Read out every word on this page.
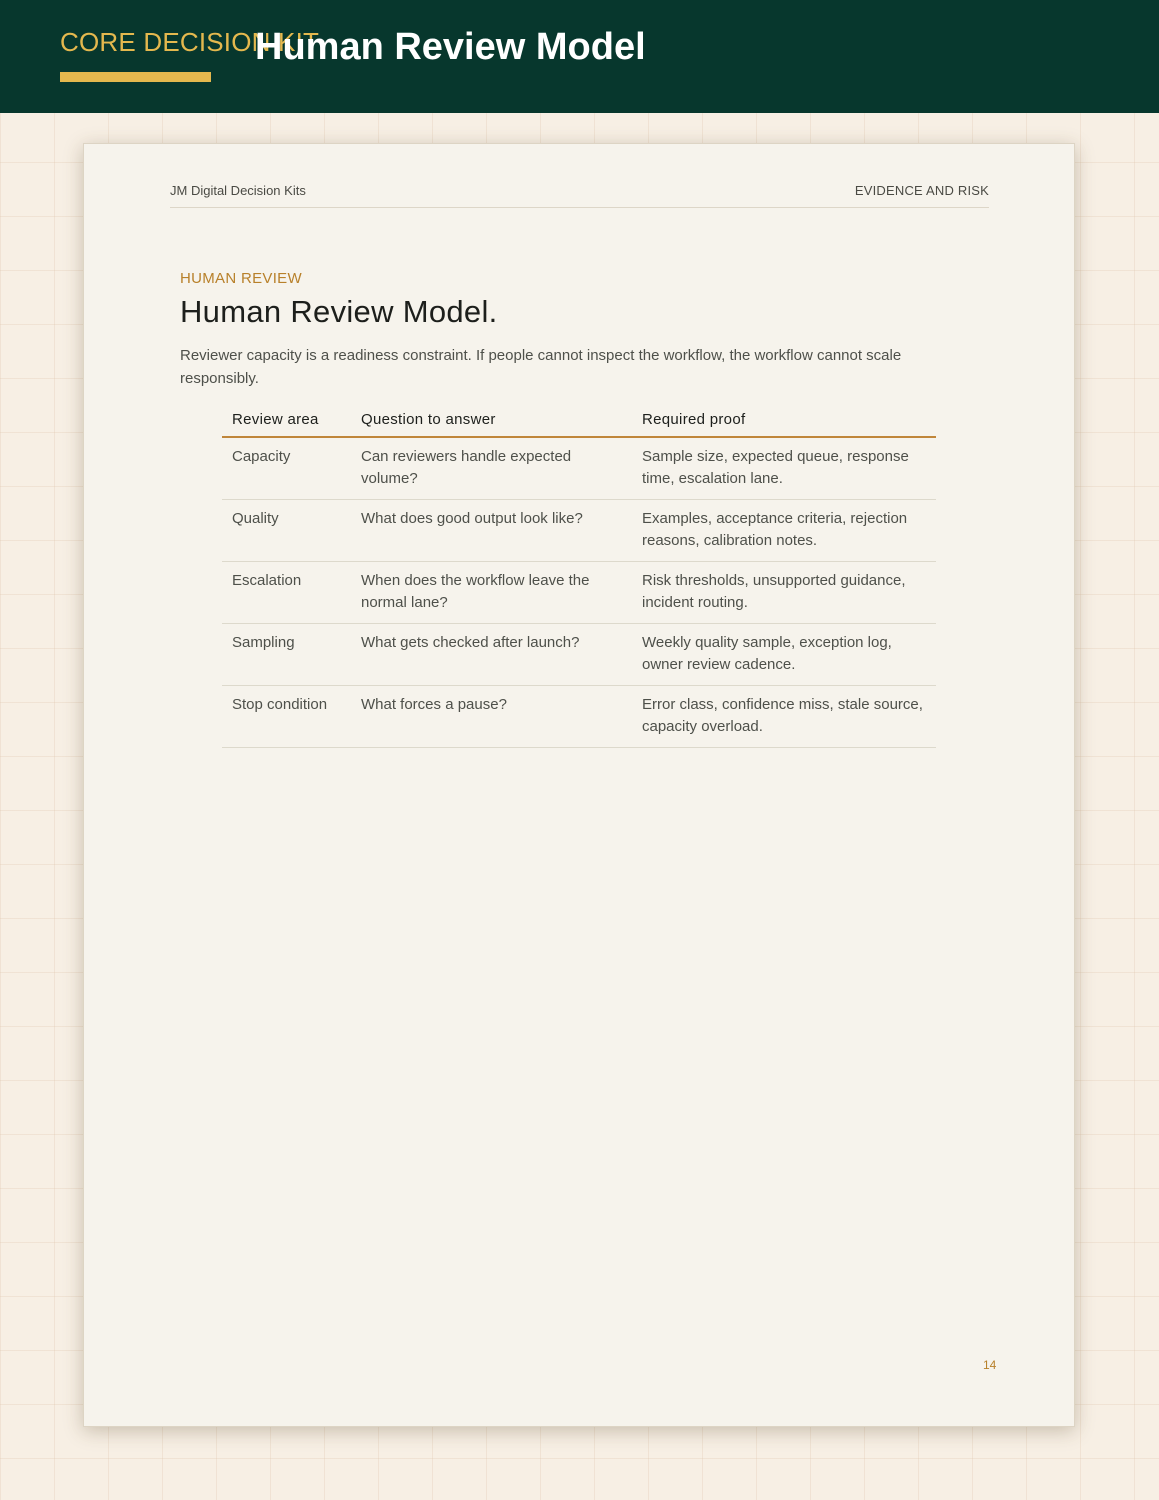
CORE DECISION KIT
Human Review Model
JM Digital Decision Kits	EVIDENCE AND RISK
HUMAN REVIEW
Human Review Model.
Reviewer capacity is a readiness constraint. If people cannot inspect the workflow, the workflow cannot scale responsibly.
Review area	Question to answer	Required proof
Capacity	Can reviewers handle expected volume?	Sample size, expected queue, response time, escalation lane.
Quality	What does good output look like?	Examples, acceptance criteria, rejection reasons, calibration notes.
Escalation	When does the workflow leave the normal lane?	Risk thresholds, unsupported guidance, incident routing.
Sampling	What gets checked after launch?	Weekly quality sample, exception log, owner review cadence.
Stop condition	What forces a pause?	Error class, confidence miss, stale source, capacity overload.
14
